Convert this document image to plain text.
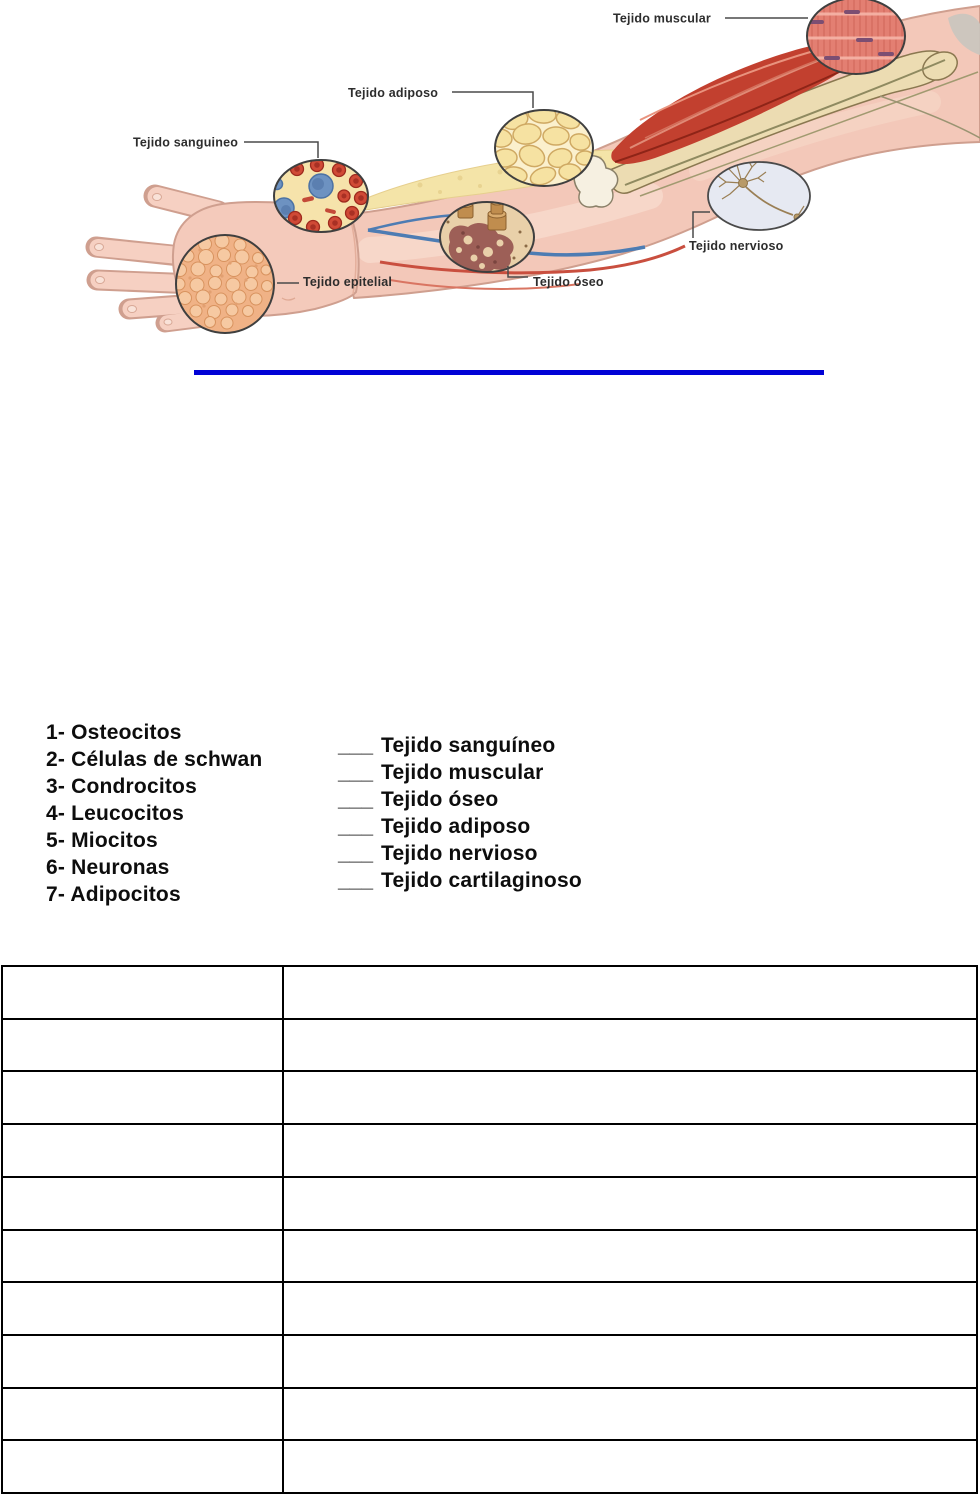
Tejido muscular
Tejido adiposo
Tejido sanguineo
Tejido nervioso
Tejido epitelial	Tejido óseo
1- Osteocitos
2- Células de schwan
3- Condrocitos
4- Leucocitos
5- Miocitos
6- Neuronas
7- Adipocitos
___ Tejido sanguíneo
___ Tejido muscular
___ Tejido óseo
___ Tejido adiposo
___ Tejido nervioso
___ Tejido cartilaginoso
